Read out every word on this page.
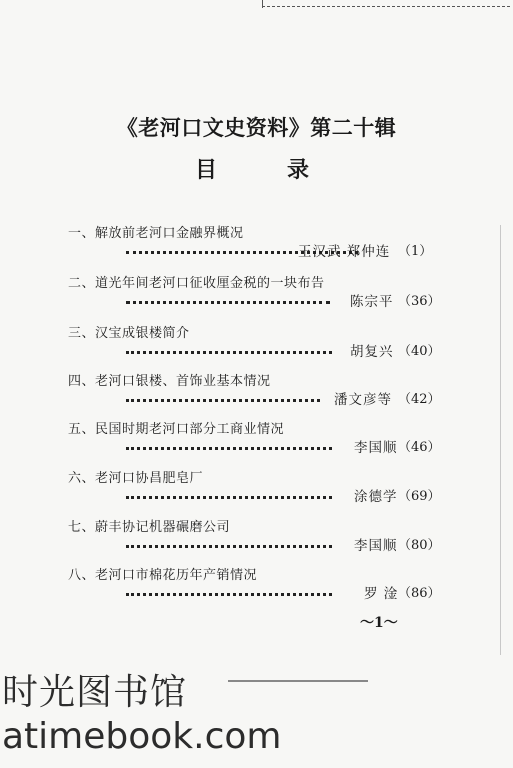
《老河口文史资料》第二十辑
目	录
一、解放前老河口金融界概况
王汉武 郑仲连 （1）
二、道光年间老河口征收厘金税的一块布告
陈宗平 （36）
三、汉宝成银楼简介
胡复兴 （40）
四、老河口银楼、首饰业基本情况
潘文彦等 （42）
五、民国时期老河口部分工商业情况
李国顺 （46）
六、老河口协昌肥皂厂
涂德学 （69）
七、蔚丰协记机器碾磨公司
李国顺 （80）
八、老河口市棉花历年产销情况
罗 淦 （86）
～1～
时光图书馆
atimebook.com
